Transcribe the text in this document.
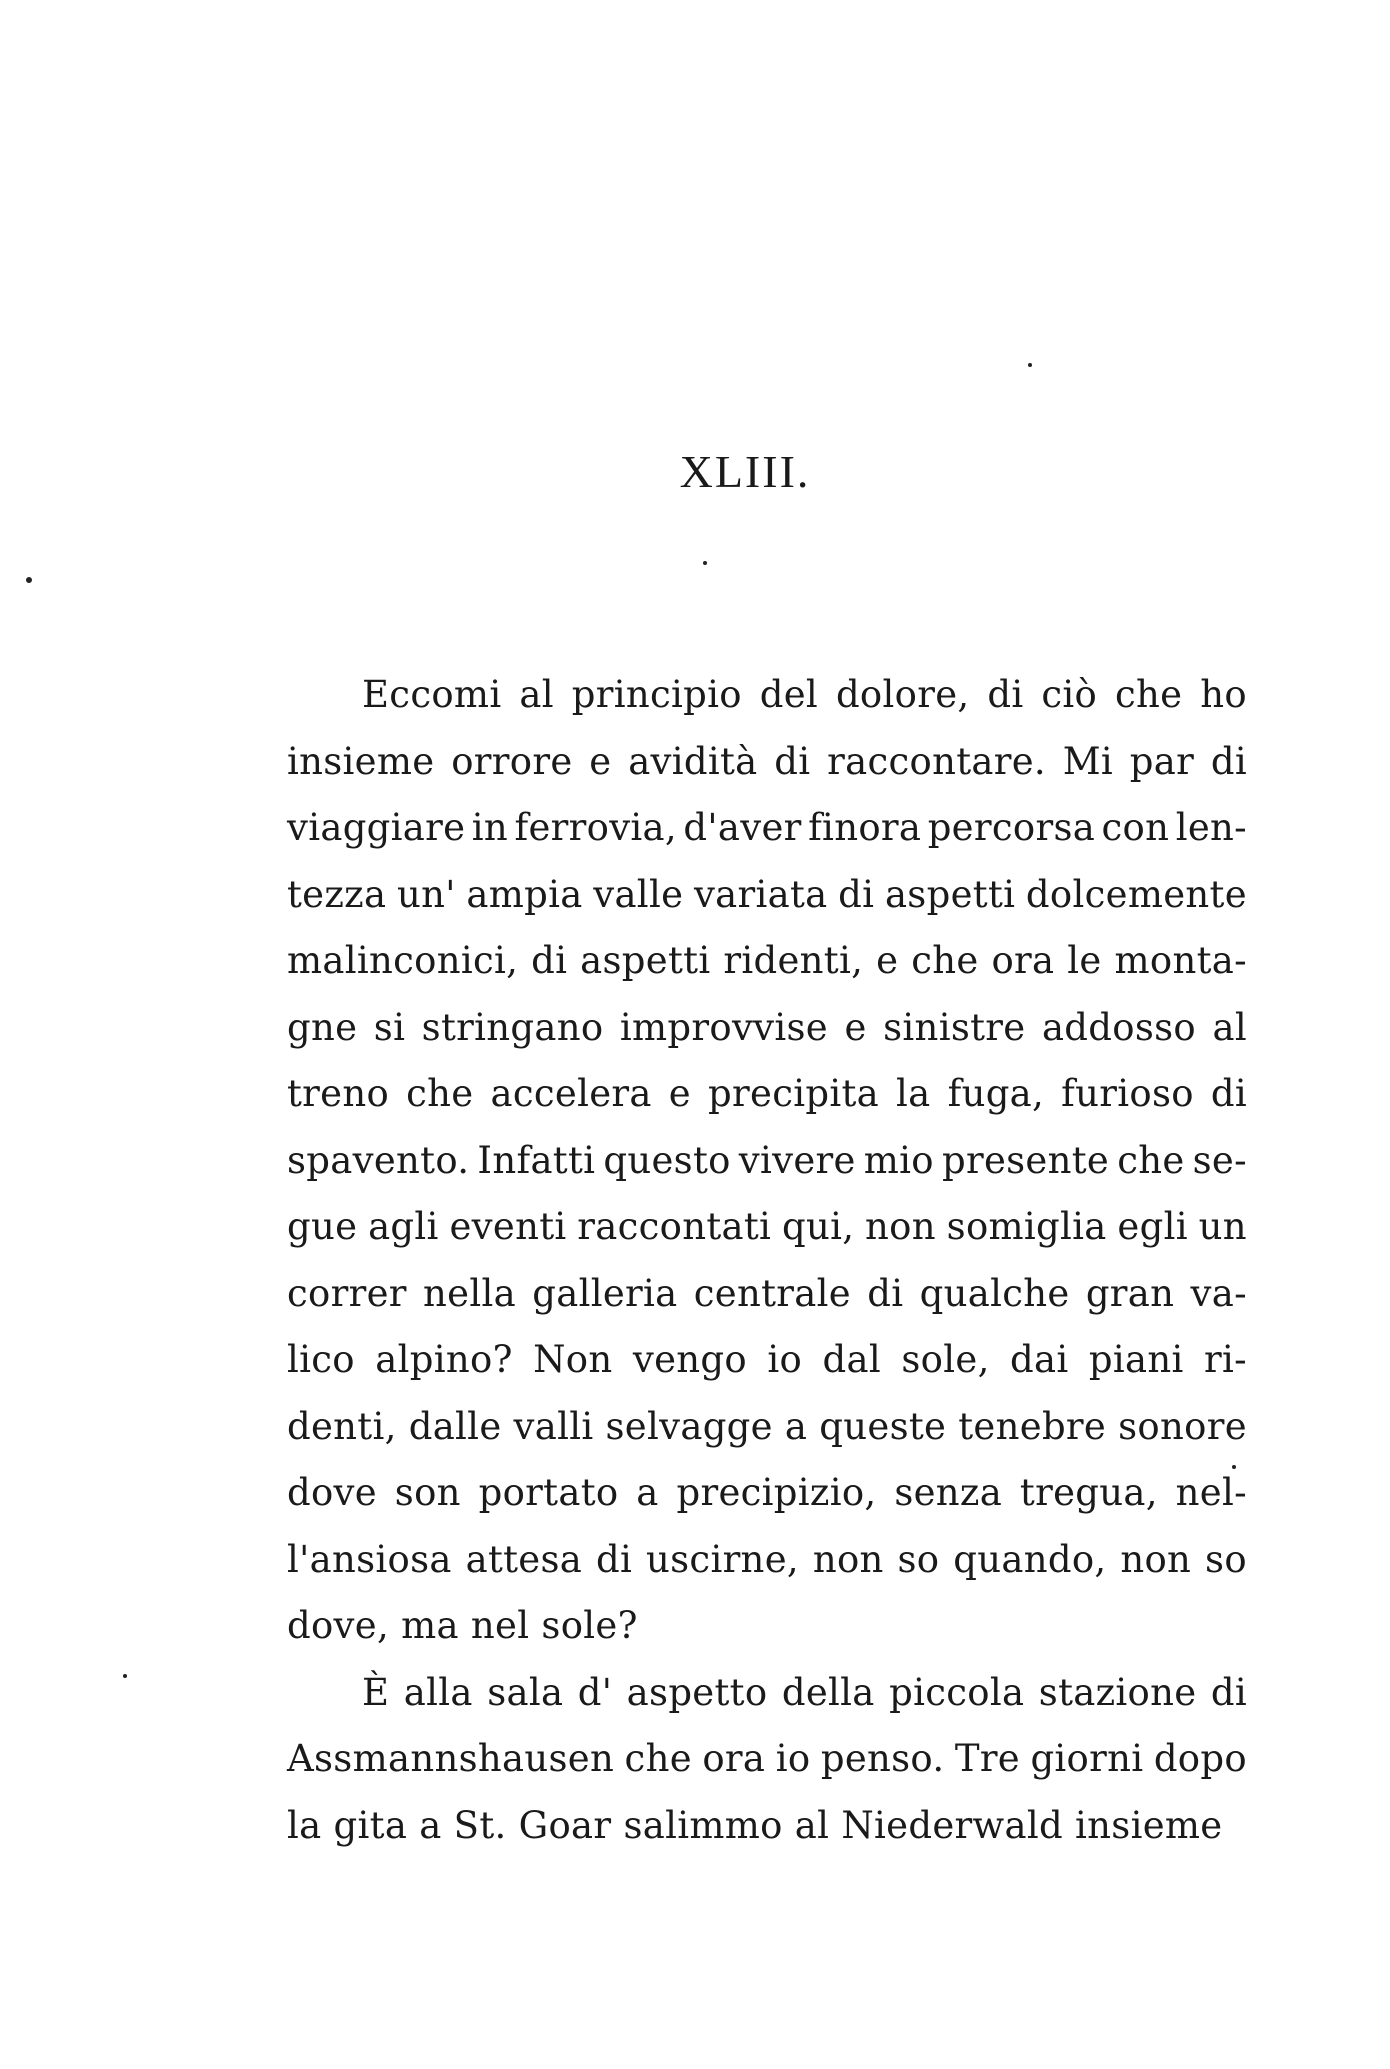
XLIII.
Eccomi al principio del dolore, di ciò che ho
insieme orrore e avidità di raccontare. Mi par di
viaggiare in ferrovia, d'aver finora percorsa con len-
tezza un' ampia valle variata di aspetti dolcemente
malinconici, di aspetti ridenti, e che ora le monta-
gne si stringano improvvise e sinistre addosso al
treno che accelera e precipita la fuga, furioso di
spavento. Infatti questo vivere mio presente che se-
gue agli eventi raccontati qui, non somiglia egli un
correr nella galleria centrale di qualche gran va-
lico alpino? Non vengo io dal sole, dai piani ri-
denti, dalle valli selvagge a queste tenebre sonore
dove son portato a precipizio, senza tregua, nel-
l'ansiosa attesa di uscirne, non so quando, non so
dove, ma nel sole?
È alla sala d' aspetto della piccola stazione di
Assmannshausen che ora io penso. Tre giorni dopo
la gita a St. Goar salimmo al Niederwald insieme
